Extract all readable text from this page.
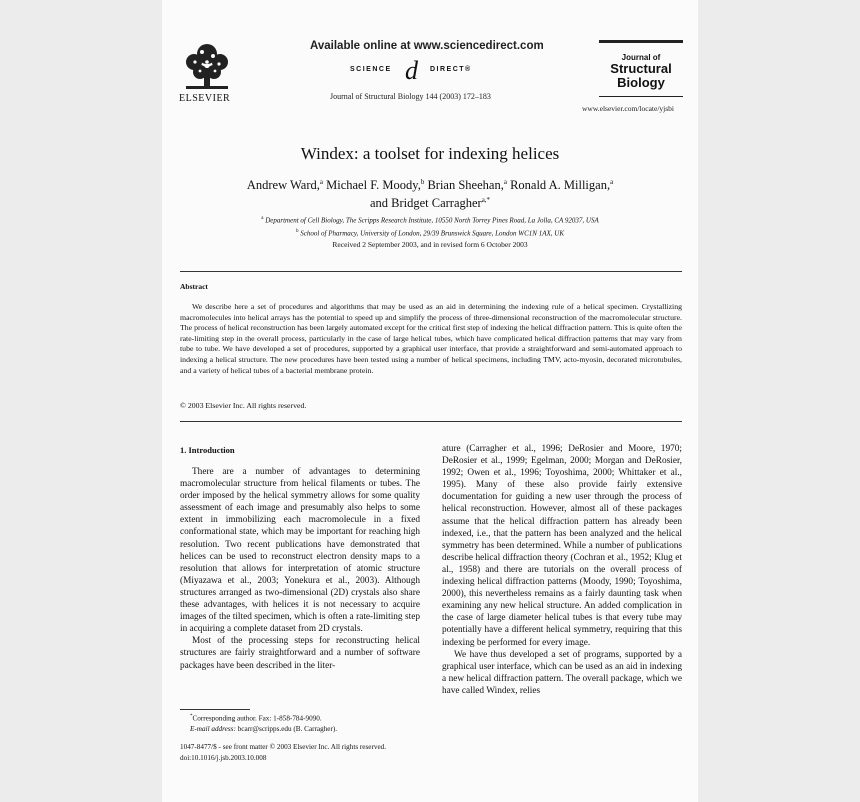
ELSEVIER
Available online at www.sciencedirect.com
SCIENCE d DIRECT®
Journal of Structural Biology 144 (2003) 172–183
Journal of
Structural
Biology
www.elsevier.com/locate/yjsbi
Windex: a toolset for indexing helices
Andrew Ward,$^a$ Michael F. Moody,$^b$ Brian Sheehan,$^a$ Ronald A. Milligan,$^a$
and Bridget Carragher$^{a,*}$
$^a$ Department of Cell Biology, The Scripps Research Institute, 10550 North Torrey Pines Road, La Jolla, CA 92037, USA
$^b$ School of Pharmacy, University of London, 29/39 Brunswick Square, London WC1N 1AX, UK
Received 2 September 2003, and in revised form 6 October 2003
Abstract

We describe here a set of procedures and algorithms that may be used as an aid in determining the indexing rule of a helical specimen. Crystallizing macromolecules into helical arrays has the potential to speed up and simplify the process of three-dimensional reconstruction of the macromolecular structure. The process of helical reconstruction has been largely automated except for the critical first step of indexing the helical diffraction pattern. This is quite often the rate-limiting step in the overall process, particularly in the case of large helical tubes, which have complicated helical diffraction patterns that may vary from tube to tube. We have developed a set of procedures, supported by a graphical user interface, that provide a straightforward and semi-automated approach to indexing a helical structure. The new procedures have been tested using a number of helical specimens, including TMV, acto-myosin, decorated microtubules, and a variety of helical tubes of a bacterial membrane protein.

© 2003 Elsevier Inc. All rights reserved.
1. Introduction

There are a number of advantages to determining macromolecular structure from helical filaments or tubes. The order imposed by the helical symmetry allows for some quality assessment of each image and presumably also helps to some extent in immobilizing each macromolecule in a fixed conformational state, which may be important for reaching high resolution. Two recent publications have demonstrated that helices can be used to reconstruct electron density maps to a resolution that allows for interpretation of atomic structure (Miyazawa et al., 2003; Yonekura et al., 2003). Although structures arranged as two-dimensional (2D) crystals also share these advantages, with helices it is not necessary to acquire images of the tilted specimen, which is often a rate-limiting step in acquiring a complete dataset from 2D crystals.

Most of the processing steps for reconstructing helical structures are fairly straightforward and a number of software packages have been described in the liter-

ature (Carragher et al., 1996; DeRosier and Moore, 1970; DeRosier et al., 1999; Egelman, 2000; Morgan and DeRosier, 1992; Owen et al., 1996; Toyoshima, 2000; Whittaker et al., 1995). Many of these also provide fairly extensive documentation for guiding a new user through the process of helical reconstruction. However, almost all of these packages assume that the helical diffraction pattern has already been indexed, i.e., that the pattern has been analyzed and the helical symmetry has been determined. While a number of publications describe helical diffraction theory (Cochran et al., 1952; Klug et al., 1958) and there are tutorials on the overall process of indexing helical diffraction patterns (Moody, 1990; Toyoshima, 2000), this nevertheless remains as a fairly daunting task when examining any new helical structure. An added complication in the case of large diameter helical tubes is that every tube may potentially have a different helical symmetry, requiring that this indexing be performed for every image.

We have thus developed a set of programs, supported by a graphical user interface, which can be used as an aid in indexing a new helical diffraction pattern. The overall package, which we have called Windex, relies

*Corresponding author. Fax: 1-858-784-9090.
E-mail address: bcarr@scripps.edu (B. Carragher).
1047-8477/$ - see front matter © 2003 Elsevier Inc. All rights reserved.
doi:10.1016/j.jsb.2003.10.008
